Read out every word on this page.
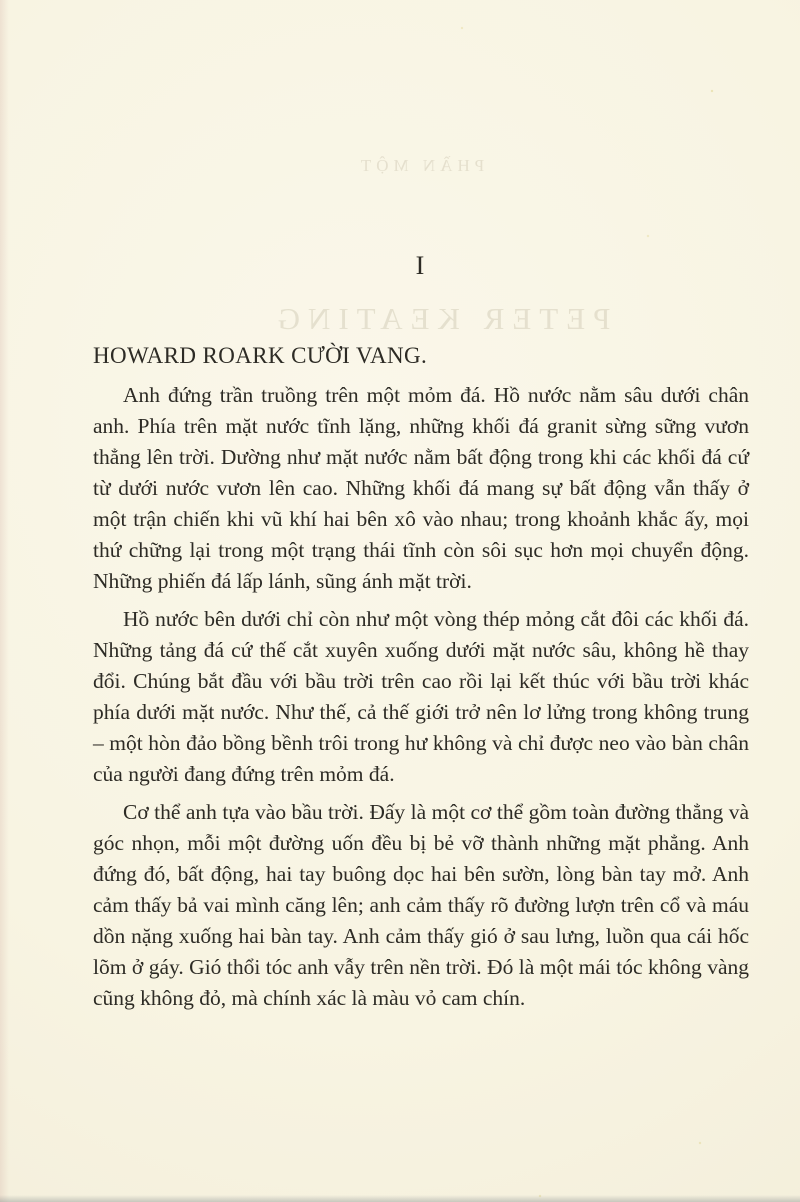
PHẦN MỘT
I
PETER KEATING
HOWARD ROARK CƯỜI VANG.

Anh đứng trần truồng trên một mỏm đá. Hồ nước nằm sâu dưới chân anh. Phía trên mặt nước tĩnh lặng, những khối đá granit sừng sững vươn thẳng lên trời. Dường như mặt nước nằm bất động trong khi các khối đá cứ từ dưới nước vươn lên cao. Những khối đá mang sự bất động vẫn thấy ở một trận chiến khi vũ khí hai bên xô vào nhau; trong khoảnh khắc ấy, mọi thứ chững lại trong một trạng thái tĩnh còn sôi sục hơn mọi chuyển động. Những phiến đá lấp lánh, sũng ánh mặt trời.

Hồ nước bên dưới chỉ còn như một vòng thép mỏng cắt đôi các khối đá. Những tảng đá cứ thế cắt xuyên xuống dưới mặt nước sâu, không hề thay đổi. Chúng bắt đầu với bầu trời trên cao rồi lại kết thúc với bầu trời khác phía dưới mặt nước. Như thế, cả thế giới trở nên lơ lửng trong không trung – một hòn đảo bồng bềnh trôi trong hư không và chỉ được neo vào bàn chân của người đang đứng trên mỏm đá.

Cơ thể anh tựa vào bầu trời. Đấy là một cơ thể gồm toàn đường thẳng và góc nhọn, mỗi một đường uốn đều bị bẻ vỡ thành những mặt phẳng. Anh đứng đó, bất động, hai tay buông dọc hai bên sườn, lòng bàn tay mở. Anh cảm thấy bả vai mình căng lên; anh cảm thấy rõ đường lượn trên cổ và máu dồn nặng xuống hai bàn tay. Anh cảm thấy gió ở sau lưng, luồn qua cái hốc lõm ở gáy. Gió thổi tóc anh vẫy trên nền trời. Đó là một mái tóc không vàng cũng không đỏ, mà chính xác là màu vỏ cam chín.
